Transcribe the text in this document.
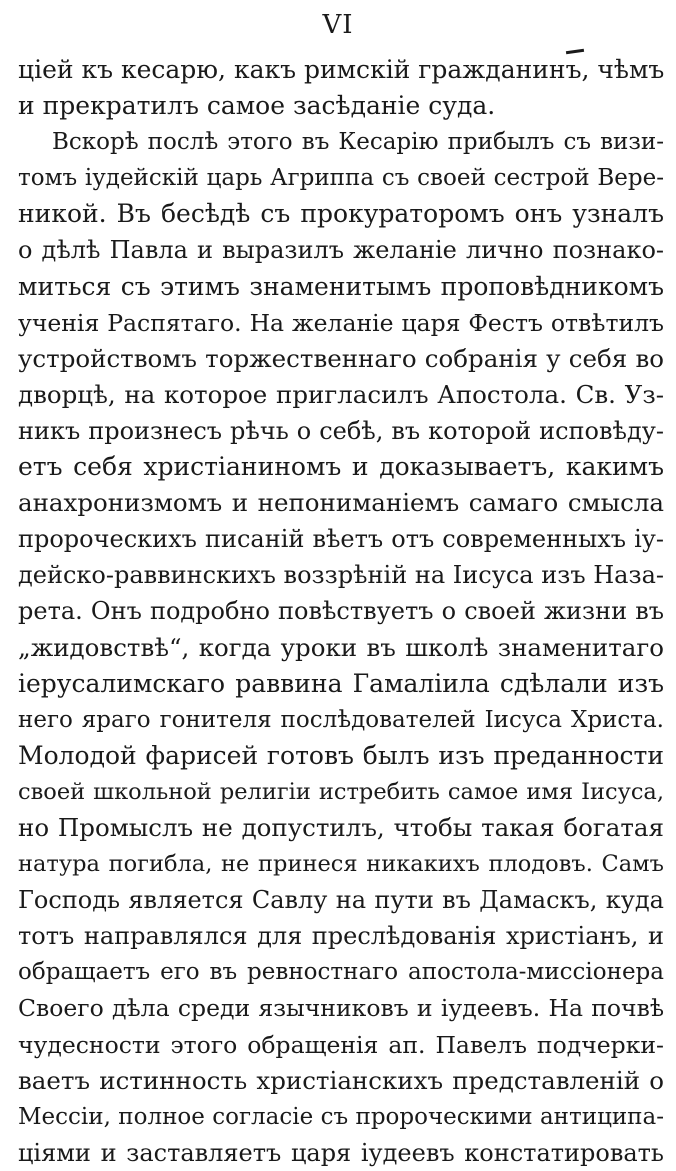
VI
цiей къ кесарю, какъ римскiй гражданинъ, чѣмъ
и прекратилъ самое засѣданiе суда.
Вскорѣ послѣ этого въ Кесарiю прибылъ съ визи-
томъ iудейскiй царь Агриппа съ своей сестрой Вере-
никой. Въ бесѣдѣ съ прокураторомъ онъ узналъ
о дѣлѣ Павла и выразилъ желанiе лично познако-
миться съ этимъ знаменитымъ проповѣдникомъ
ученiя Распятаго. На желанiе царя Фестъ отвѣтилъ
устройствомъ торжественнаго собранiя у себя во
дворцѣ, на которое пригласилъ Апостола. Св. Уз-
никъ произнесъ рѣчь о себѣ, въ которой исповѣду-
етъ себя христiаниномъ и доказываетъ, какимъ
анахронизмомъ и непониманiемъ самаго смысла
пророческихъ писанiй вѣетъ отъ современныхъ iу-
дейско-раввинскихъ воззрѣнiй на Iисуса изъ Наза-
рета. Онъ подробно повѣствуетъ о своей жизни въ
„жидовствѣ“, когда уроки въ школѣ знаменитаго
iерусалимскаго раввина Гамалiила сдѣлали изъ
него яраго гонителя послѣдователей Iисуса Христа.
Молодой фарисей готовъ былъ изъ преданности
своей школьной религiи истребить самое имя Iисуса,
но Промыслъ не допустилъ, чтобы такая богатая
натура погибла, не принеся никакихъ плодовъ. Самъ
Господь является Савлу на пути въ Дамаскъ, куда
тотъ направлялся для преслѣдованiя христiанъ, и
обращаетъ его въ ревностнаго апостола-миссiонера
Своего дѣла среди язычниковъ и iудеевъ. На почвѣ
чудесности этого обращенiя ап. Павелъ подчерки-
ваетъ истинность христiанскихъ представленiй о
Мессiи, полное согласiе съ пророческими антиципа-
цiями и заставляетъ царя iудеевъ констатировать
